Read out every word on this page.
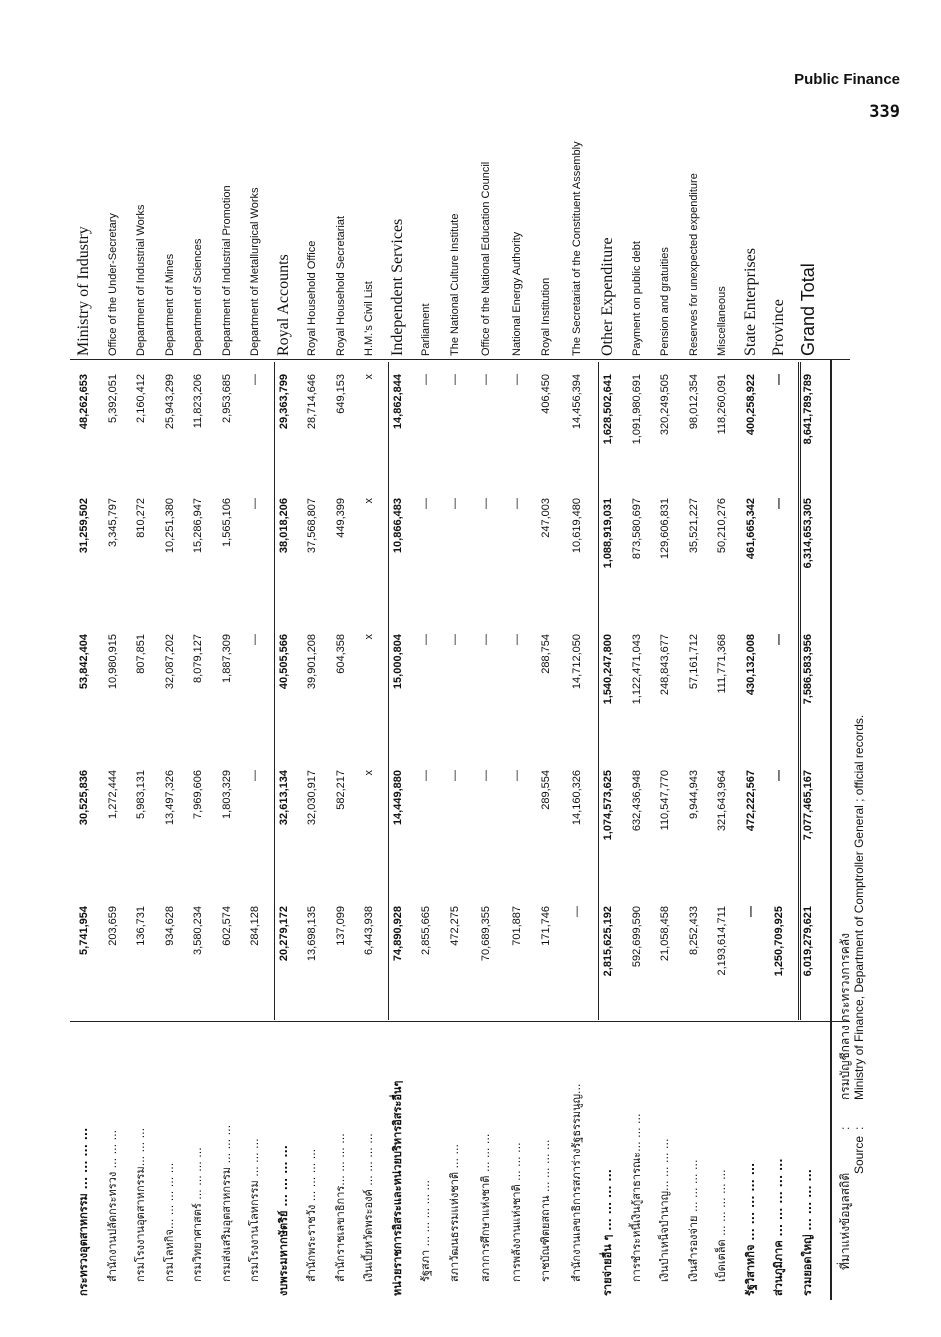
Public Finance
339
กระทรวงอุตสาหกรรม ... ... ... ...
5,741,954
30,525,836
53,842,404
31,259,502
48,262,653
Ministry of Industry
สำนักงานปลัดกระทรวง ... ... ...
203,659
1,272,444
10,980,915
3,345,797
5,392,051
Office of the Under-Secretary
กรมโรงงานอุตสาหกรรม... ... ...
136,731
5,983,131
807,851
810,272
2,160,412
Department of Industrial Works
กรมโลหกิจ... ... ... ... ...
934,628
13,497,326
32,087,202
10,251,380
25,943,299
Department of Mines
กรมวิทยาศาสตร์ ... ... ... ...
3,580,234
7,969,606
8,079,127
15,286,947
11,823,206
Department of Sciences
กรมส่งเสริมอุตสาหกรรม ... ... ...
602,574
1,803,329
1,887,309
1,565,106
2,953,685
Department of Industrial Promotion
กรมโรงงานโลหกรรม ... ... ...
284,128
—
—
—
—
Department of Metallurgical Works
งบพระมหากษัตริย์ ... ... ... ...
20,279,172
32,613,134
40,505,566
38,018,206
29,363,799
Royal Accounts
สำนักพระราชวัง ... ... ... ...
13,698,135
32,030,917
39,901,208
37,568,807
28,714,646
Royal Household Office
สำนักราชเลขาธิการ... ... ... ...
137,099
582,217
604,358
449,399
649,153
Royal Household Secretariat
เงินเบี้ยหวัดพระองค์ ... ... ... ...
6,443,938
x
x
x
x
H.M.'s Civil List
หน่วยราชการอิสระและหน่วยบริหารอิสระอื่นๆ
74,890,928
14,449,880
15,000,804
10,866,483
14,862,844
Independent Services
รัฐสภา ... ... ... ... ...
2,855,665
—
—
—
—
Parliament
สภาวัฒนธรรมแห่งชาติ ... ...
472,275
—
—
—
—
The National Culture Institute
สภาการศึกษาแห่งชาติ ... ... ...
70,689,355
—
—
—
—
Office of the National Education Council
การพลังงานแห่งชาติ ... ... ...
701,887
—
—
—
—
National Energy Authority
ราชบัณฑิตยสถาน ... ... ... ...
171,746
289,554
288,754
247,003
406,450
Royal Institution
สำนักงานเลขาธิการสภาร่างรัฐธรรมนูญ...
—
14,160,326
14,712,050
10,619,480
14,456,394
The Secretariat of the Constituent Assembly
รายจ่ายอื่น ๆ ... ... ... ...
2,815,625,192
1,074,573,625
1,540,247,800
1,088,919,031
1,628,502,641
Other Expenditure
การชำระหนี้เงินกู้สาธารณะ... ... ...
592,699,590
632,436,948
1,122,471,043
873,580,697
1,091,980,691
Payment on public debt
เงินบำเหน็จบำนาญ... ... ... ...
21,058,458
110,547,770
248,843,677
129,606,831
320,249,505
Pension and gratuities
เงินสำรองจ่าย ... ... ... ...
8,252,433
9,944,943
57,161,712
35,521,227
98,012,354
Reserves for unexpected expenditure
เบ็ดเตล็ด ... ... ... ... ...
2,193,614,711
321,643,964
111,771,368
50,210,276
118,260,091
Miscellaneous
รัฐวิสาหกิจ ... ... ... ... ...
—
472,222,567
430,132,008
461,665,342
400,258,922
State Enterprises
ส่วนภูมิภาค ... ... ... ... ...
1,250,709,925
—
—
—
—
Province
รวมยอดใหญ่ ... ... ... ...
6,019,279,621
7,077,465,167
7,586,583,956
6,314,653,305
8,641,789,789
Grand Total
ที่มาแห่งข้อมูลสถิติ:กรมบัญชีกลาง กระทรวงการคลัง
Source:Ministry of Finance, Department of Comptroller General ; official records.
